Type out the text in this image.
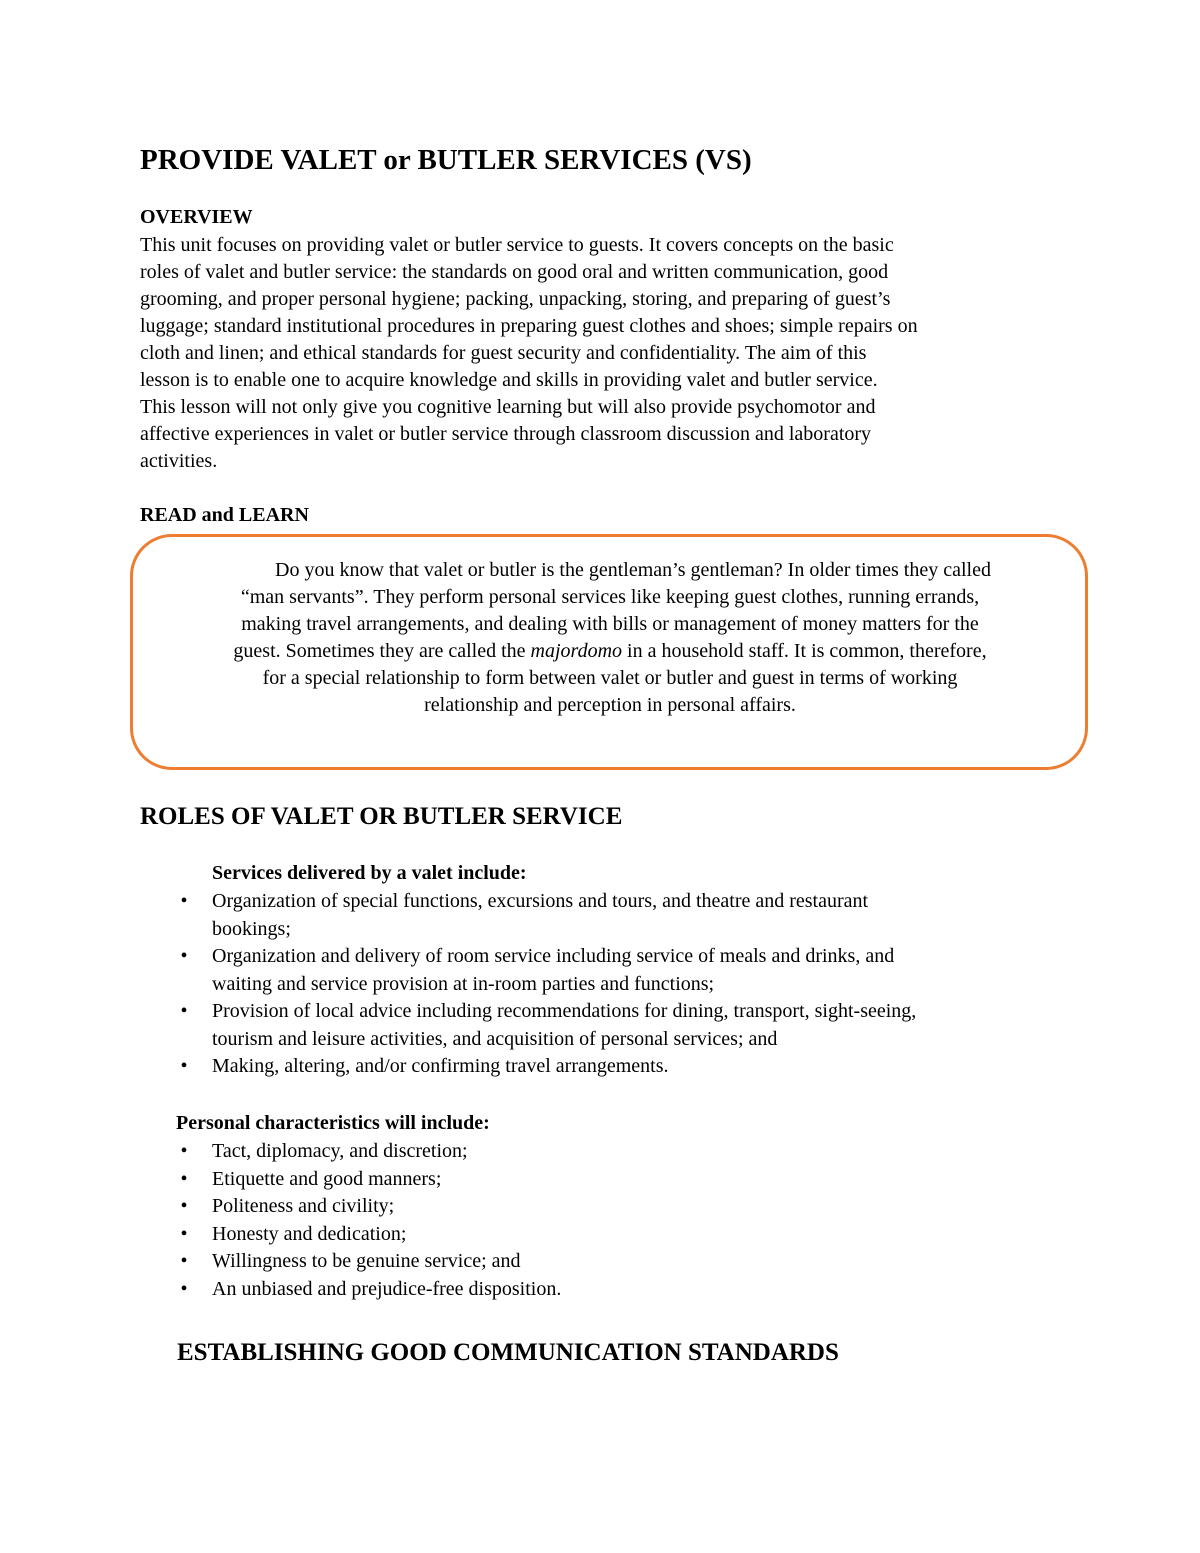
PROVIDE VALET or BUTLER SERVICES (VS)
OVERVIEW

This unit focuses on providing valet or butler service to guests. It covers concepts on the basic
roles of valet and butler service: the standards on good oral and written communication, good
grooming, and proper personal hygiene; packing, unpacking, storing, and preparing of guest’s
luggage; standard institutional procedures in preparing guest clothes and shoes; simple repairs on
cloth and linen; and ethical standards for guest security and confidentiality. The aim of this
lesson is to enable one to acquire knowledge and skills in providing valet and butler service.
This lesson will not only give you cognitive learning but will also provide psychomotor and
affective experiences in valet or butler service through classroom discussion and laboratory
activities.

READ and LEARN

Do you know that valet or butler is the gentleman’s gentleman? In older times they called
“man servants”. They perform personal services like keeping guest clothes, running errands,
making travel arrangements, and dealing with bills or management of money matters for the
guest. Sometimes they are called the majordomo in a household staff. It is common, therefore,
for a special relationship to form between valet or butler and guest in terms of working
relationship and perception in personal affairs.

ROLES OF VALET OR BUTLER SERVICE
Services delivered by a valet include:
•	Organization of special functions, excursions and tours, and theatre and restaurant
bookings;
•	Organization and delivery of room service including service of meals and drinks, and
waiting and service provision at in-room parties and functions;
•	Provision of local advice including recommendations for dining, transport, sight-seeing,
tourism and leisure activities, and acquisition of personal services; and
•	Making, altering, and/or confirming travel arrangements.
Personal characteristics will include:
•	Tact, diplomacy, and discretion;
•	Etiquette and good manners;
•	Politeness and civility;
•	Honesty and dedication;
•	Willingness to be genuine service; and
•	An unbiased and prejudice-free disposition.
ESTABLISHING GOOD COMMUNICATION STANDARDS
